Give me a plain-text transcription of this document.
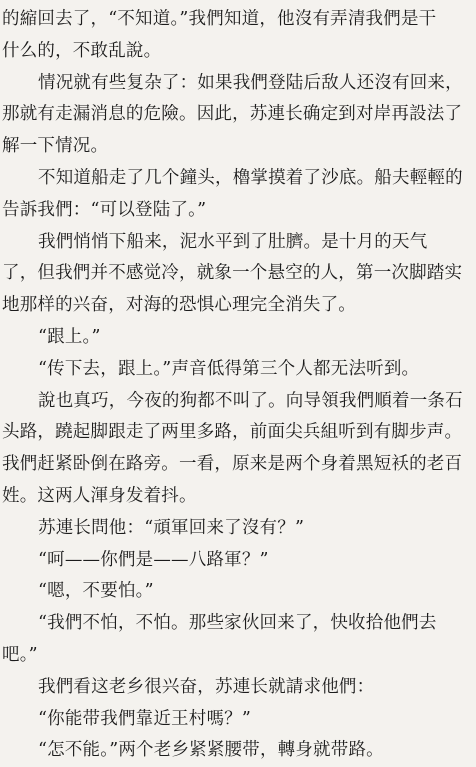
的縮回去了，“不知道。”我們知道，他沒有弄清我們是干
什么的，不敢乱說。
情况就有些复杂了：如果我們登陆后敌人还沒有回来，
那就有走漏消息的危險。因此，苏連长确定到对岸再設法了
解一下情况。
不知道船走了几个鐘头，櫓掌摸着了沙底。船夫輕輕的
告訴我們：“可以登陆了。”
我們悄悄下船来，泥水平到了肚臍。是十月的天气
了，但我們并不感觉冷，就象一个悬空的人，第一次脚踏实
地那样的兴奋，对海的恐惧心理完全消失了。
“跟上。”
“传下去，跟上。”声音低得第三个人都无法听到。
說也真巧，今夜的狗都不叫了。向导領我們順着一条石
头路，蹺起脚跟走了两里多路，前面尖兵組听到有脚步声。
我們赶紧卧倒在路旁。一看，原来是两个身着黑短袄的老百
姓。这两人渾身发着抖。
苏連长問他：“頑軍回来了沒有？”
“呵——你們是——八路軍？”
“嗯，不要怕。”
“我們不怕，不怕。那些家伙回来了，快收拾他們去
吧。”
我們看这老乡很兴奋，苏連长就請求他們：
“你能带我們靠近王村嗎？”
“怎不能。”两个老乡紧紧腰带，轉身就带路。
